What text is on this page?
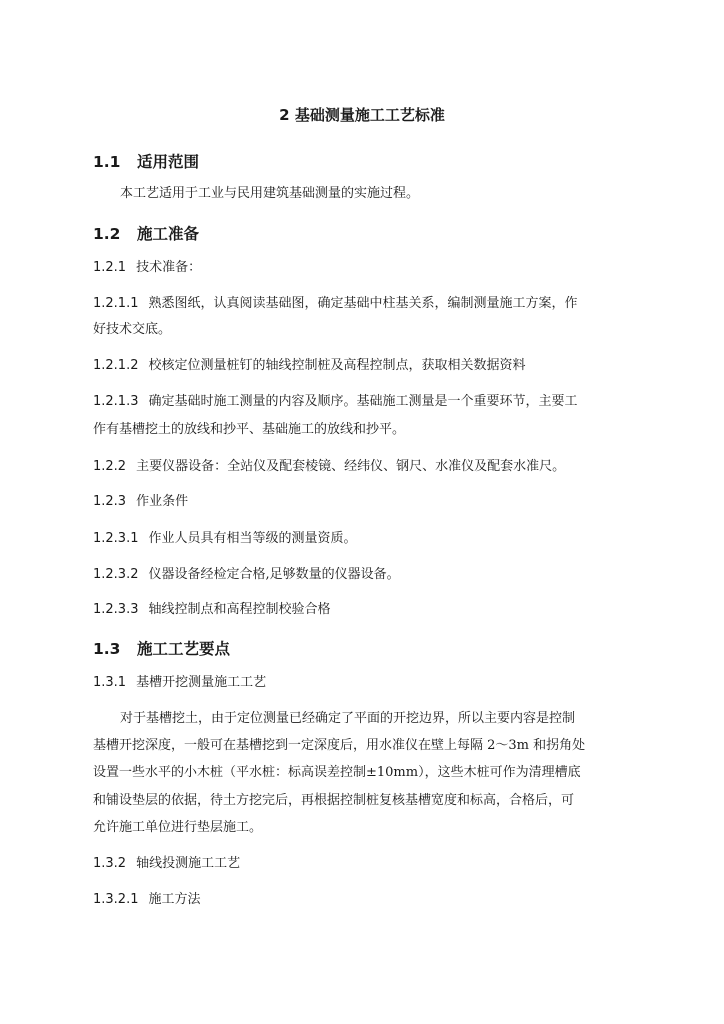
2 基础测量施工工艺标准
1.1 适用范围
本工艺适用于工业与民用建筑基础测量的实施过程。
1.2 施工准备
1.2.1 技术准备：
1.2.1.1 熟悉图纸，认真阅读基础图，确定基础中柱基关系，编制测量施工方案，作
好技术交底。
1.2.1.2 校核定位测量桩钉的轴线控制桩及高程控制点，获取相关数据资料
1.2.1.3 确定基础时施工测量的内容及顺序。基础施工测量是一个重要环节，主要工
作有基槽挖土的放线和抄平、基础施工的放线和抄平。
1.2.2 主要仪器设备：全站仪及配套棱镜、经纬仪、钢尺、水准仪及配套水准尺。
1.2.3 作业条件
1.2.3.1 作业人员具有相当等级的测量资质。
1.2.3.2 仪器设备经检定合格,足够数量的仪器设备。
1.2.3.3 轴线控制点和高程控制校验合格
1.3 施工工艺要点
1.3.1 基槽开挖测量施工工艺
对于基槽挖土，由于定位测量已经确定了平面的开挖边界，所以主要内容是控制
基槽开挖深度，一般可在基槽挖到一定深度后，用水准仪在壁上每隔 2～3m 和拐角处
设置一些水平的小木桩（平水桩：标高误差控制±10mm），这些木桩可作为清理槽底
和铺设垫层的依据，待土方挖完后，再根据控制桩复核基槽宽度和标高，合格后，可
允许施工单位进行垫层施工。
1.3.2 轴线投测施工工艺
1.3.2.1 施工方法
